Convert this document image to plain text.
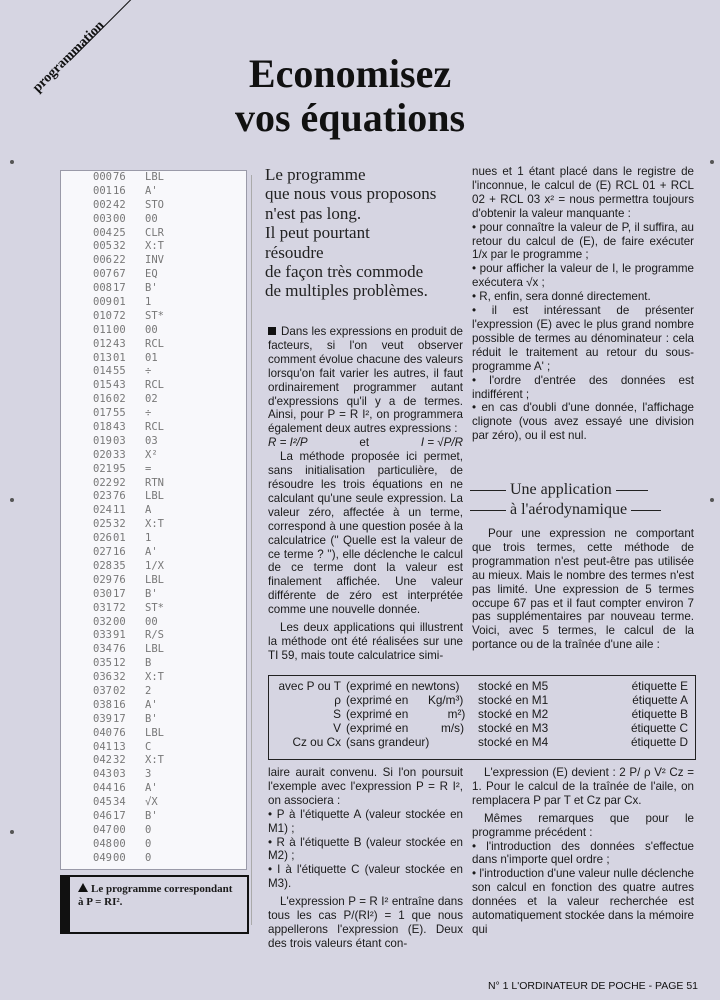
programmation	Economisez
vos équations
000 76	LBL
001 16	A'
002 42	STO
003 00	00
004 25	CLR
005 32	X:T
006 22	INV
007 67	EQ
008 17	B'
009 01	1
010 72	ST*
011 00	00
012 43	RCL
013 01	01
014 55	÷
015 43	RCL
016 02	02
017 55	÷
018 43	RCL
019 03	03
020 33	X²
021 95	=
022 92	RTN
023 76	LBL
024 11	A
025 32	X:T
026 01	1
027 16	A'
028 35	1/X
029 76	LBL
030 17	B'
031 72	ST*
032 00	00
033 91	R/S
034 76	LBL
035 12	B
036 32	X:T
037 02	2
038 16	A'
039 17	B'
040 76	LBL
041 13	C
042 32	X:T
043 03	3
044 16	A'
045 34	√X
046 17	B'
047 00	0
048 00	0
049 00	0
Le programme correspondant à P = RI².
Le programme
que nous vous proposons
n'est pas long.
Il peut pourtant
résoudre
de façon très commode
de multiples problèmes.

Dans les expressions en produit de facteurs, si l'on veut observer comment évolue chacune des valeurs lorsqu'on fait varier les autres, il faut ordinairement programmer autant d'expressions qu'il y a de termes. Ainsi, pour P = R I², on programmera également deux autres expressions :

R = I²/P	et	I = √P/R

La méthode proposée ici permet, sans initialisation particulière, de résoudre les trois équations en ne calculant qu'une seule expression. La valeur zéro, affectée à un terme, correspond à une question posée à la calculatrice ('' Quelle est la valeur de ce terme ? ''), elle déclenche le calcul de ce terme dont la valeur est finalement affichée. Une valeur différente de zéro est interprétée comme une nouvelle donnée.

Les deux applications qui illustrent la méthode ont été réalisées sur une TI 59, mais toute calculatrice simi-

nues et 1 étant placé dans le registre de l'inconnue, le calcul de (E) RCL 01 + RCL 02 + RCL 03 x² = nous permettra toujours d'obtenir la valeur manquante :

• pour connaître la valeur de P, il suffira, au retour du calcul de (E), de faire exécuter 1/x par le programme ;

• pour afficher la valeur de I, le programme exécutera √x ;

• R, enfin, sera donné directement.

• il est intéressant de présenter l'expression (E) avec le plus grand nombre possible de termes au dénominateur : cela réduit le traitement au retour du sous-programme A' ;

• l'ordre d'entrée des données est indifférent ;

• en cas d'oubli d'une donnée, l'affichage clignote (vous avez essayé une division par zéro), ou il est nul.

Une application
à l'aérodynamique

Pour une expression ne comportant que trois termes, cette méthode de programmation n'est peut-être pas utilisée au mieux. Mais le nombre des termes n'est pas limité. Une expression de 5 termes occupe 67 pas et il faut compter environ 7 pas supplémentaires par nouveau terme. Voici, avec 5 termes, le calcul de la portance ou de la traînée d'une aile :

avec P ou T (exprimé en newtons)	stocké en M5	étiquette E
ρ (exprimé en      Kg/m³)	stocké en M1	étiquette A
S (exprimé en            m²)	stocké en M2	étiquette B
V (exprimé en          m/s)	stocké en M3	étiquette C
Cz ou Cx (sans grandeur)	stocké en M4	étiquette D

laire aurait convenu. Si l'on poursuit l'exemple avec l'expression P = R I², on associera :

• P à l'étiquette A (valeur stockée en M1) ;

• R à l'étiquette B (valeur stockée en M2) ;

• I à l'étiquette C (valeur stockée en M3).

L'expression P = R I² entraîne dans tous les cas P/(RI²) = 1 que nous appellerons l'expression (E). Deux des trois valeurs étant con-

L'expression (E) devient : 2 P/ ρ V² Cz = 1. Pour le calcul de la traînée de l'aile, on remplacera P par T et Cz par Cx.

Mêmes remarques que pour le programme précédent :

• l'introduction des données s'effectue dans n'importe quel ordre ;

• l'introduction d'une valeur nulle déclenche son calcul en fonction des quatre autres données et la valeur recherchée est automatiquement stockée dans la mémoire qui

N° 1 L'ORDINATEUR DE POCHE - PAGE 51
